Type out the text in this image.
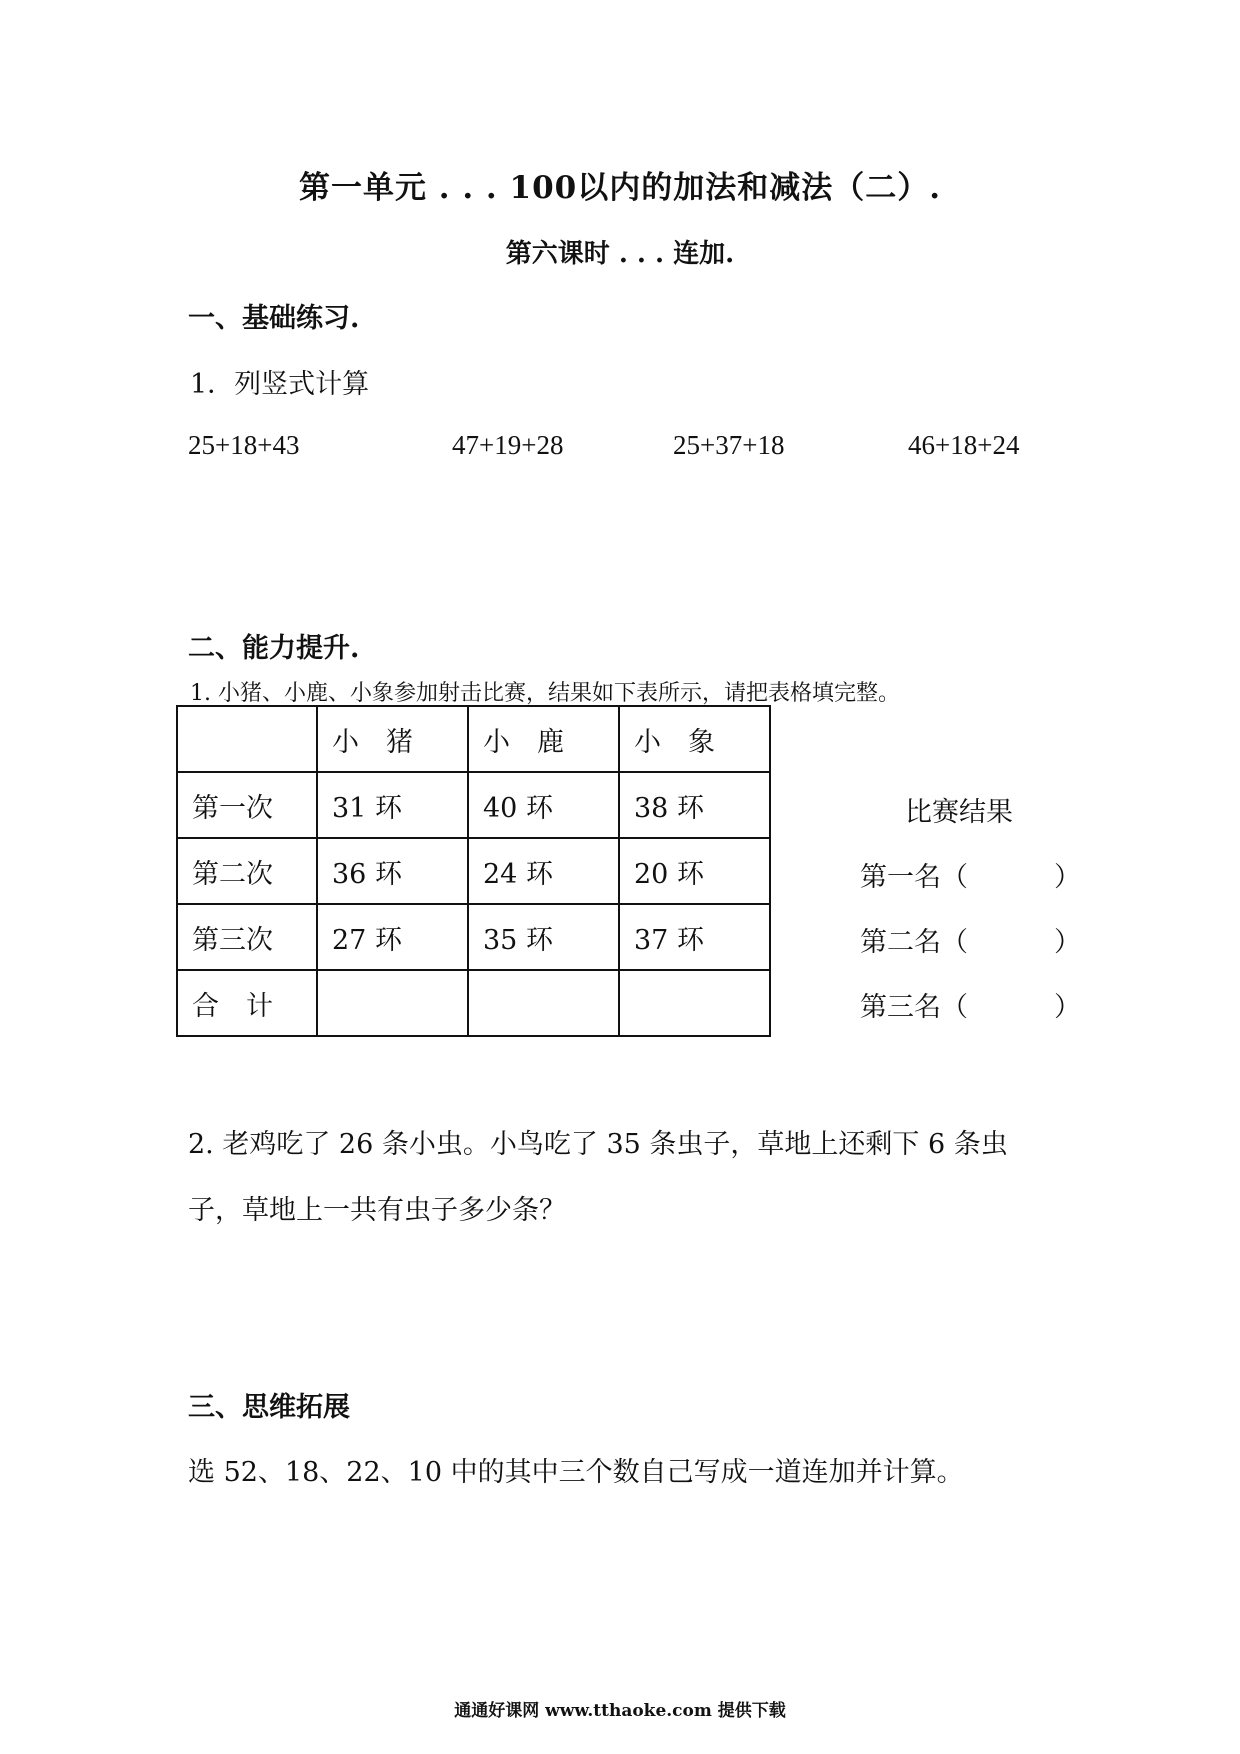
第一单元 . . . 100以内的加法和减法（二）.
第六课时 . . . 连加.
一、基础练习.
1．列竖式计算
25+18+43	47+19+28	25+37+18	46+18+24
二、能力提升.
1. 小猪、小鹿、小象参加射击比赛，结果如下表所示，请把表格填完整。
	小　猪	小　鹿	小　象
第一次	31 环	40 环	38 环
第二次	36 环	24 环	20 环
第三次	27 环	35 环	37 环
合　计			
比赛结果
第一名（	）
第二名（	）
第三名（	）
2. 老鸡吃了 26 条小虫。小鸟吃了 35 条虫子，草地上还剩下 6 条虫
子，草地上一共有虫子多少条？
三、思维拓展
选 52、18、22、10 中的其中三个数自己写成一道连加并计算。
通通好课网 www.tthaoke.com 提供下载
